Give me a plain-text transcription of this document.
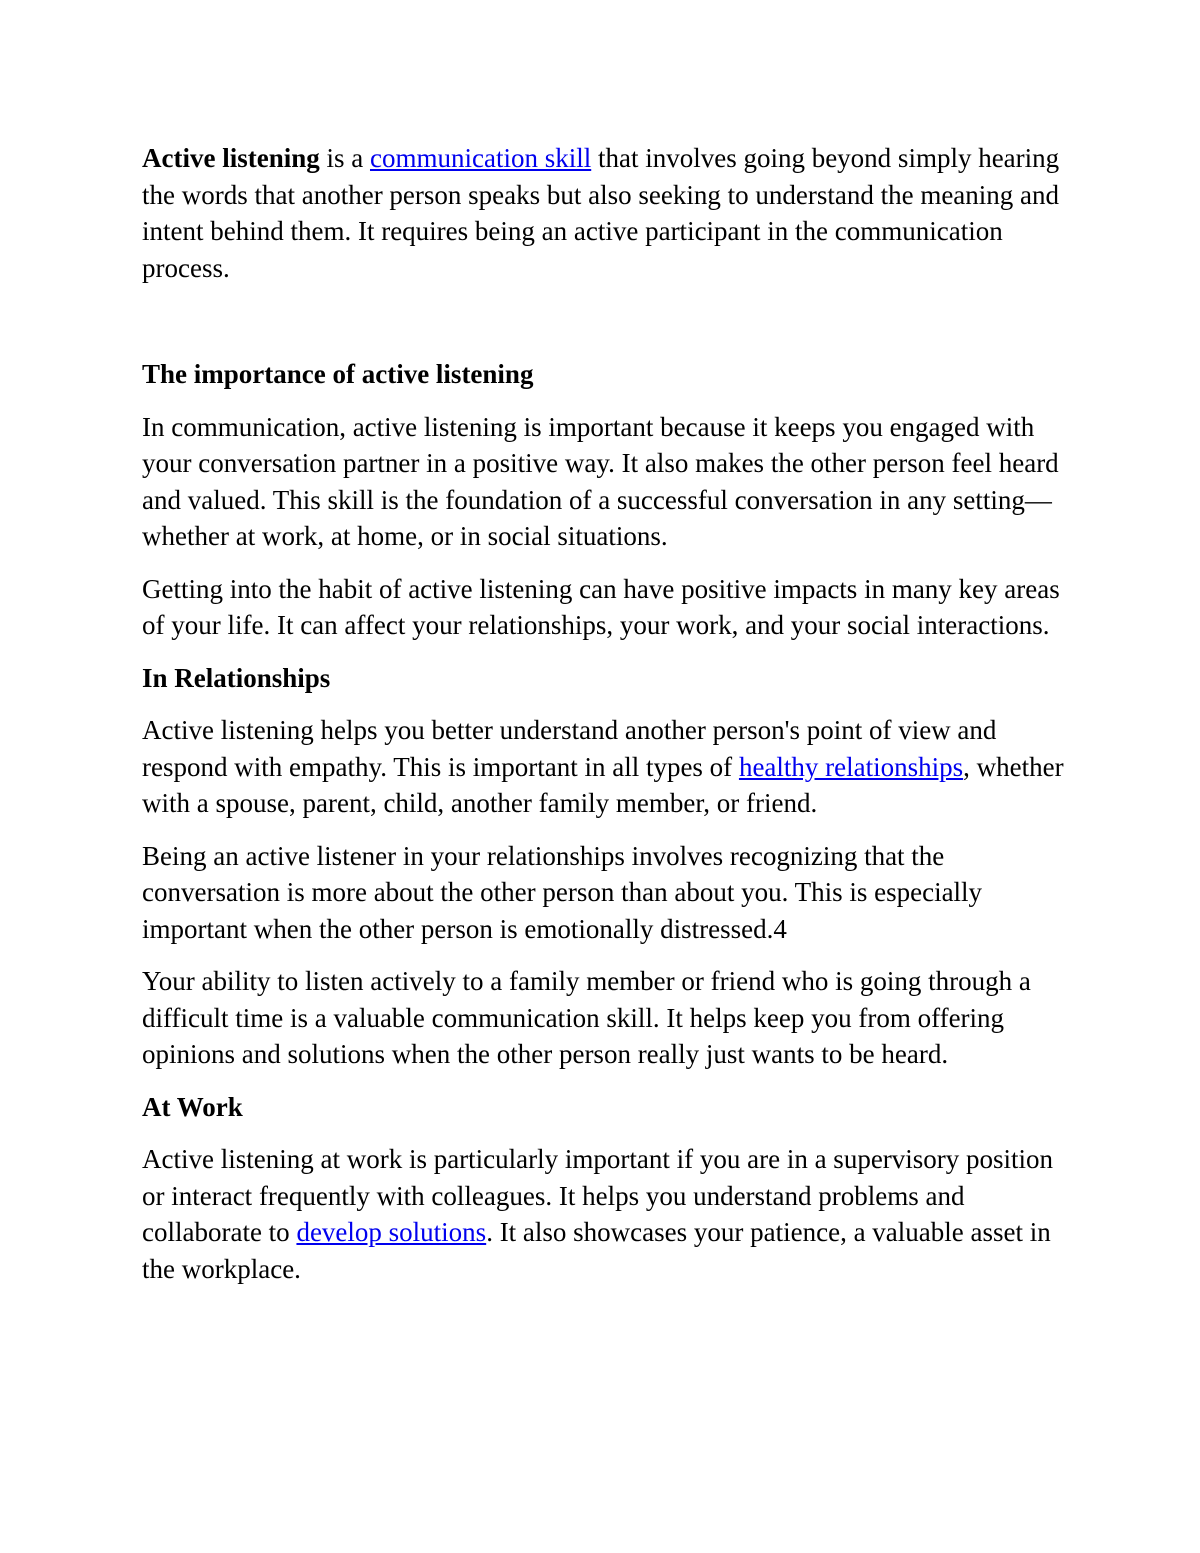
Active listening is a communication skill that involves going beyond simply hearing the words that another person speaks but also seeking to understand the meaning and intent behind them. It requires being an active participant in the communication process.

The importance of active listening

In communication, active listening is important because it keeps you engaged with your conversation partner in a positive way. It also makes the other person feel heard and valued. This skill is the foundation of a successful conversation in any setting—whether at work, at home, or in social situations.

Getting into the habit of active listening can have positive impacts in many key areas of your life. It can affect your relationships, your work, and your social interactions.

In Relationships

Active listening helps you better understand another person's point of view and respond with empathy. This is important in all types of healthy relationships, whether with a spouse, parent, child, another family member, or friend.

Being an active listener in your relationships involves recognizing that the conversation is more about the other person than about you. This is especially important when the other person is emotionally distressed.4

Your ability to listen actively to a family member or friend who is going through a difficult time is a valuable communication skill. It helps keep you from offering opinions and solutions when the other person really just wants to be heard.

At Work

Active listening at work is particularly important if you are in a supervisory position or interact frequently with colleagues. It helps you understand problems and collaborate to develop solutions. It also showcases your patience, a valuable asset in the workplace.
